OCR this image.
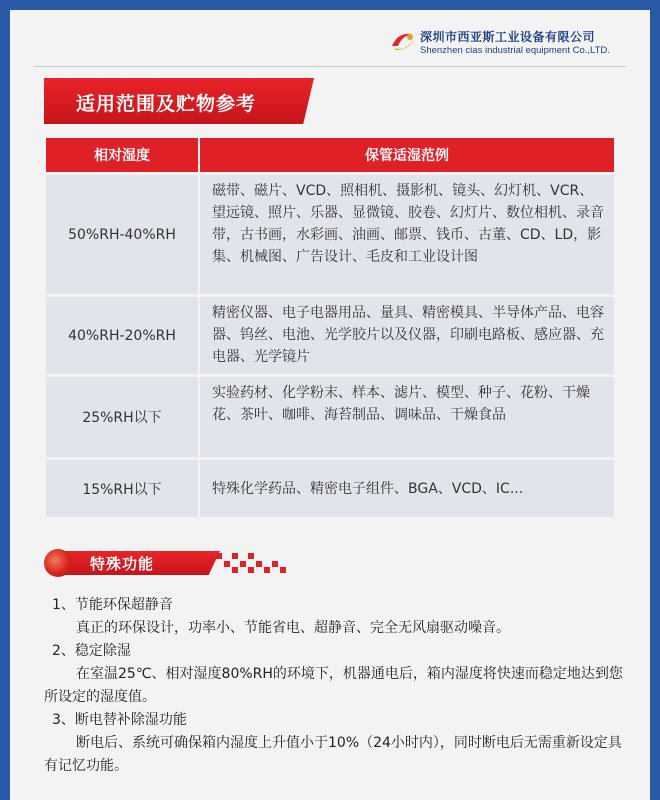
深圳市西亚斯工业设备有限公司
Shenzhen cias industrial equipment Co.,LTD.
适用范围及贮物参考
相对湿度	保管适湿范例
50%RH-40%RH
磁带、磁片、VCD、照相机、摄影机、镜头、幻灯机、VCR、望远镜、照片、乐器、显微镜、胶卷、幻灯片、数位相机、录音带，古书画，水彩画、油画、邮票、钱币、古董、CD、LD，影集、机械图、广告设计、毛皮和工业设计图
40%RH-20%RH
精密仪器、电子电器用品、量具、精密模具、半导体产品、电容器、钨丝、电池、光学胶片以及仪器，印刷电路板、感应器、充电器、光学镜片
25%RH以下
实验药材、化学粉末、样本、滤片、模型、种子、花粉、干燥花、茶叶、咖啡、海苔制品、调味品、干燥食品
15%RH以下	特殊化学药品、精密电子组件、BGA、VCD、IC...
特殊功能
1、节能环保超静音
真正的环保设计，功率小、节能省电、超静音、完全无风扇驱动噪音。
2、稳定除湿
在室温25℃、相对湿度80%RH的环境下，机器通电后，箱内湿度将快速而稳定地达到您所设定的湿度值。
3、断电替补除湿功能
断电后、系统可确保箱内湿度上升值小于10%（24小时内），同时断电后无需重新设定具有记忆功能。
